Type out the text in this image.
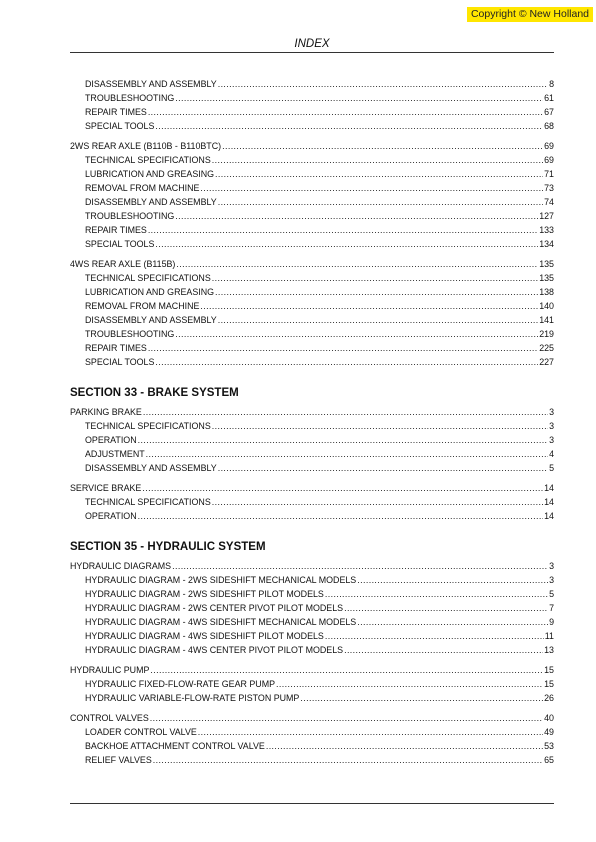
Copyright © New Holland
INDEX
DISASSEMBLY AND ASSEMBLY .....	8
TROUBLESHOOTING .....	61
REPAIR TIMES .....	67
SPECIAL TOOLS .....	68
2WS REAR AXLE (B110B - B110BTC) .....	69
TECHNICAL SPECIFICATIONS .....	69
LUBRICATION AND GREASING .....	71
REMOVAL FROM MACHINE .....	73
DISASSEMBLY AND ASSEMBLY .....	74
TROUBLESHOOTING .....	127
REPAIR TIMES .....	133
SPECIAL TOOLS .....	134
4WS REAR AXLE (B115B) .....	135
TECHNICAL SPECIFICATIONS .....	135
LUBRICATION AND GREASING .....	138
REMOVAL FROM MACHINE .....	140
DISASSEMBLY AND ASSEMBLY .....	141
TROUBLESHOOTING .....	219
REPAIR TIMES .....	225
SPECIAL TOOLS .....	227
SECTION 33 - BRAKE SYSTEM
PARKING BRAKE .....	3
TECHNICAL SPECIFICATIONS .....	3
OPERATION .....	3
ADJUSTMENT .....	4
DISASSEMBLY AND ASSEMBLY .....	5
SERVICE BRAKE .....	14
TECHNICAL SPECIFICATIONS .....	14
OPERATION .....	14
SECTION 35 - HYDRAULIC SYSTEM
HYDRAULIC DIAGRAMS .....	3
HYDRAULIC DIAGRAM - 2WS SIDESHIFT MECHANICAL MODELS .....	3
HYDRAULIC DIAGRAM - 2WS SIDESHIFT PILOT MODELS .....	5
HYDRAULIC DIAGRAM - 2WS CENTER PIVOT PILOT MODELS .....	7
HYDRAULIC DIAGRAM - 4WS SIDESHIFT MECHANICAL MODELS .....	9
HYDRAULIC DIAGRAM - 4WS SIDESHIFT PILOT MODELS .....	11
HYDRAULIC DIAGRAM - 4WS CENTER PIVOT PILOT MODELS .....	13
HYDRAULIC PUMP .....	15
HYDRAULIC FIXED-FLOW-RATE GEAR PUMP .....	15
HYDRAULIC VARIABLE-FLOW-RATE PISTON PUMP .....	26
CONTROL VALVES .....	40
LOADER CONTROL VALVE .....	49
BACKHOE ATTACHMENT CONTROL VALVE .....	53
RELIEF VALVES .....	65
